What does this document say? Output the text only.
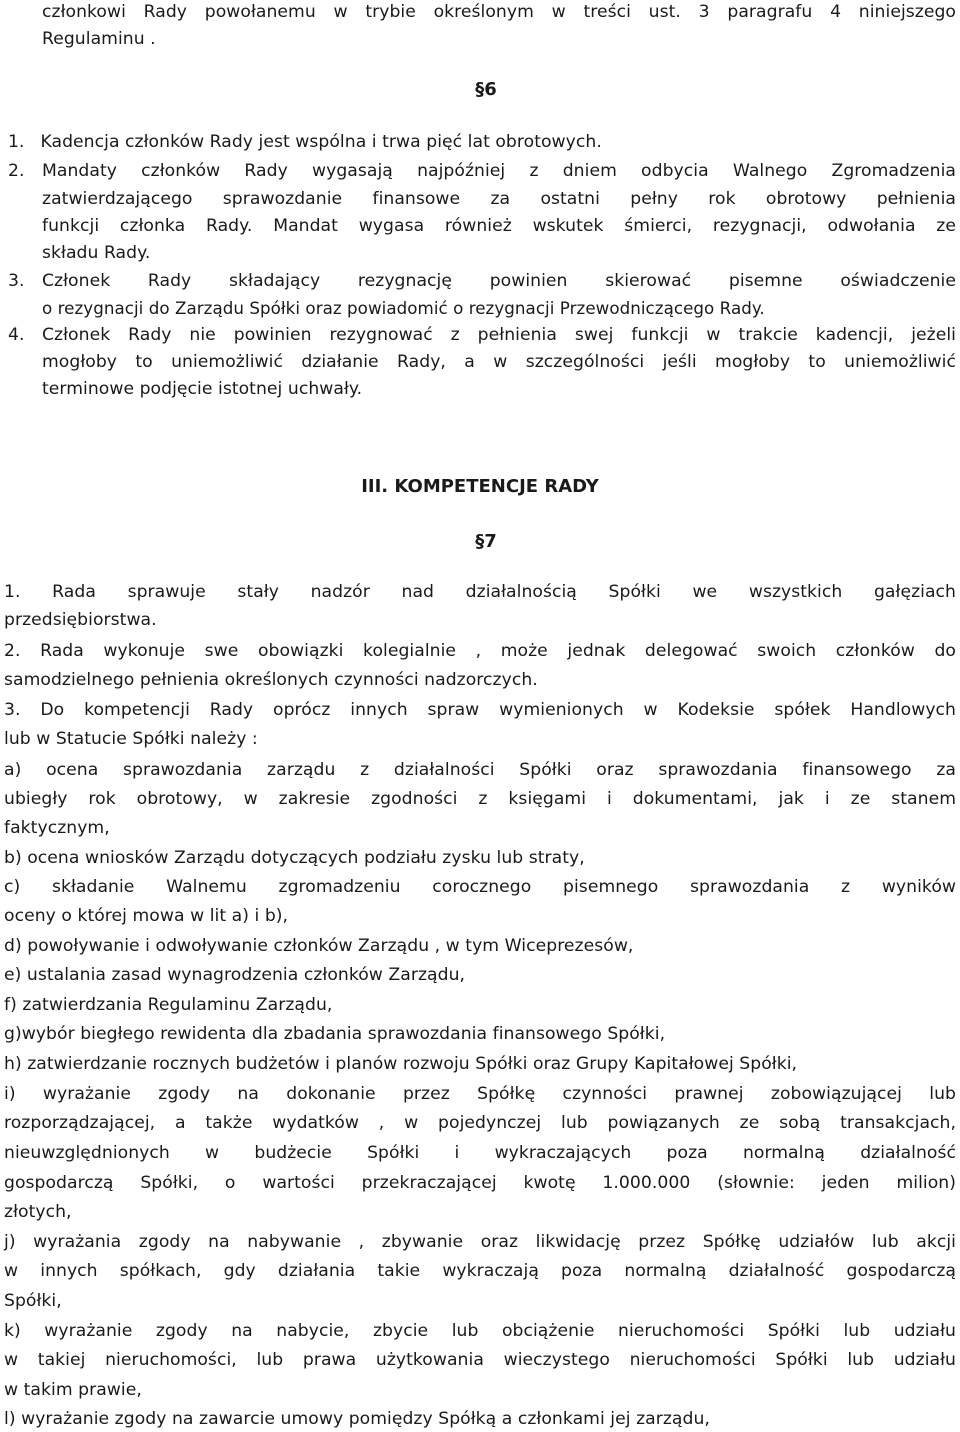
członkowi Rady powołanemu w trybie określonym w treści ust. 3 paragrafu 4 niniejszego
Regulaminu .
§6
1. Kadencja członków Rady jest wspólna i trwa pięć lat obrotowych.
2.	Mandaty członków Rady wygasają najpóźniej z dniem odbycia Walnego Zgromadzenia
zatwierdzającego sprawozdanie finansowe za ostatni pełny rok obrotowy pełnienia
funkcji członka Rady. Mandat wygasa również wskutek śmierci, rezygnacji, odwołania ze
składu Rady.
3. Członek Rady składający rezygnację powinien skierować pisemne oświadczenie
o rezygnacji do Zarządu Spółki oraz powiadomić o rezygnacji Przewodniczącego Rady.
4. Członek Rady nie powinien rezygnować z pełnienia swej funkcji w trakcie kadencji, jeżeli
mogłoby to uniemożliwić działanie Rady, a w szczególności jeśli mogłoby to uniemożliwić
terminowe podjęcie istotnej uchwały.
III. KOMPETENCJE RADY
§7
1. Rada sprawuje stały nadzór nad działalnością Spółki we wszystkich gałęziach
przedsiębiorstwa.
2. Rada wykonuje swe obowiązki kolegialnie , może jednak delegować swoich członków do
samodzielnego pełnienia określonych czynności nadzorczych.
3. Do kompetencji Rady oprócz innych spraw wymienionych w Kodeksie spółek Handlowych
lub w Statucie Spółki należy :
a) ocena sprawozdania zarządu z działalności Spółki oraz sprawozdania finansowego za
ubiegły rok obrotowy, w zakresie zgodności z księgami i dokumentami, jak i ze stanem
faktycznym,
b) ocena wniosków Zarządu dotyczących podziału zysku lub straty,
c) składanie Walnemu zgromadzeniu corocznego pisemnego sprawozdania z wyników
oceny o której mowa w lit a) i b),
d) powoływanie i odwoływanie członków Zarządu , w tym Wiceprezesów,
e) ustalania zasad wynagrodzenia członków Zarządu,
f) zatwierdzania Regulaminu Zarządu,
g)wybór biegłego rewidenta dla zbadania sprawozdania finansowego Spółki,
h) zatwierdzanie rocznych budżetów i planów rozwoju Spółki oraz Grupy Kapitałowej Spółki,
i) wyrażanie zgody na dokonanie przez Spółkę czynności prawnej zobowiązującej lub
rozporządzającej, a także wydatków , w pojedynczej lub powiązanych ze sobą transakcjach,
nieuwzględnionych w budżecie Spółki i wykraczających poza normalną działalność
gospodarczą Spółki, o wartości przekraczającej kwotę 1.000.000 (słownie: jeden milion)
złotych,
j) wyrażania zgody na nabywanie , zbywanie oraz likwidację przez Spółkę udziałów lub akcji
w innych spółkach, gdy działania takie wykraczają poza normalną działalność gospodarczą
Spółki,
k) wyrażanie zgody na nabycie, zbycie lub obciążenie nieruchomości Spółki lub udziału
w takiej nieruchomości, lub prawa użytkowania wieczystego nieruchomości Spółki lub udziału
w takim prawie,
l) wyrażanie zgody na zawarcie umowy pomiędzy Spółką a członkami jej zarządu,
